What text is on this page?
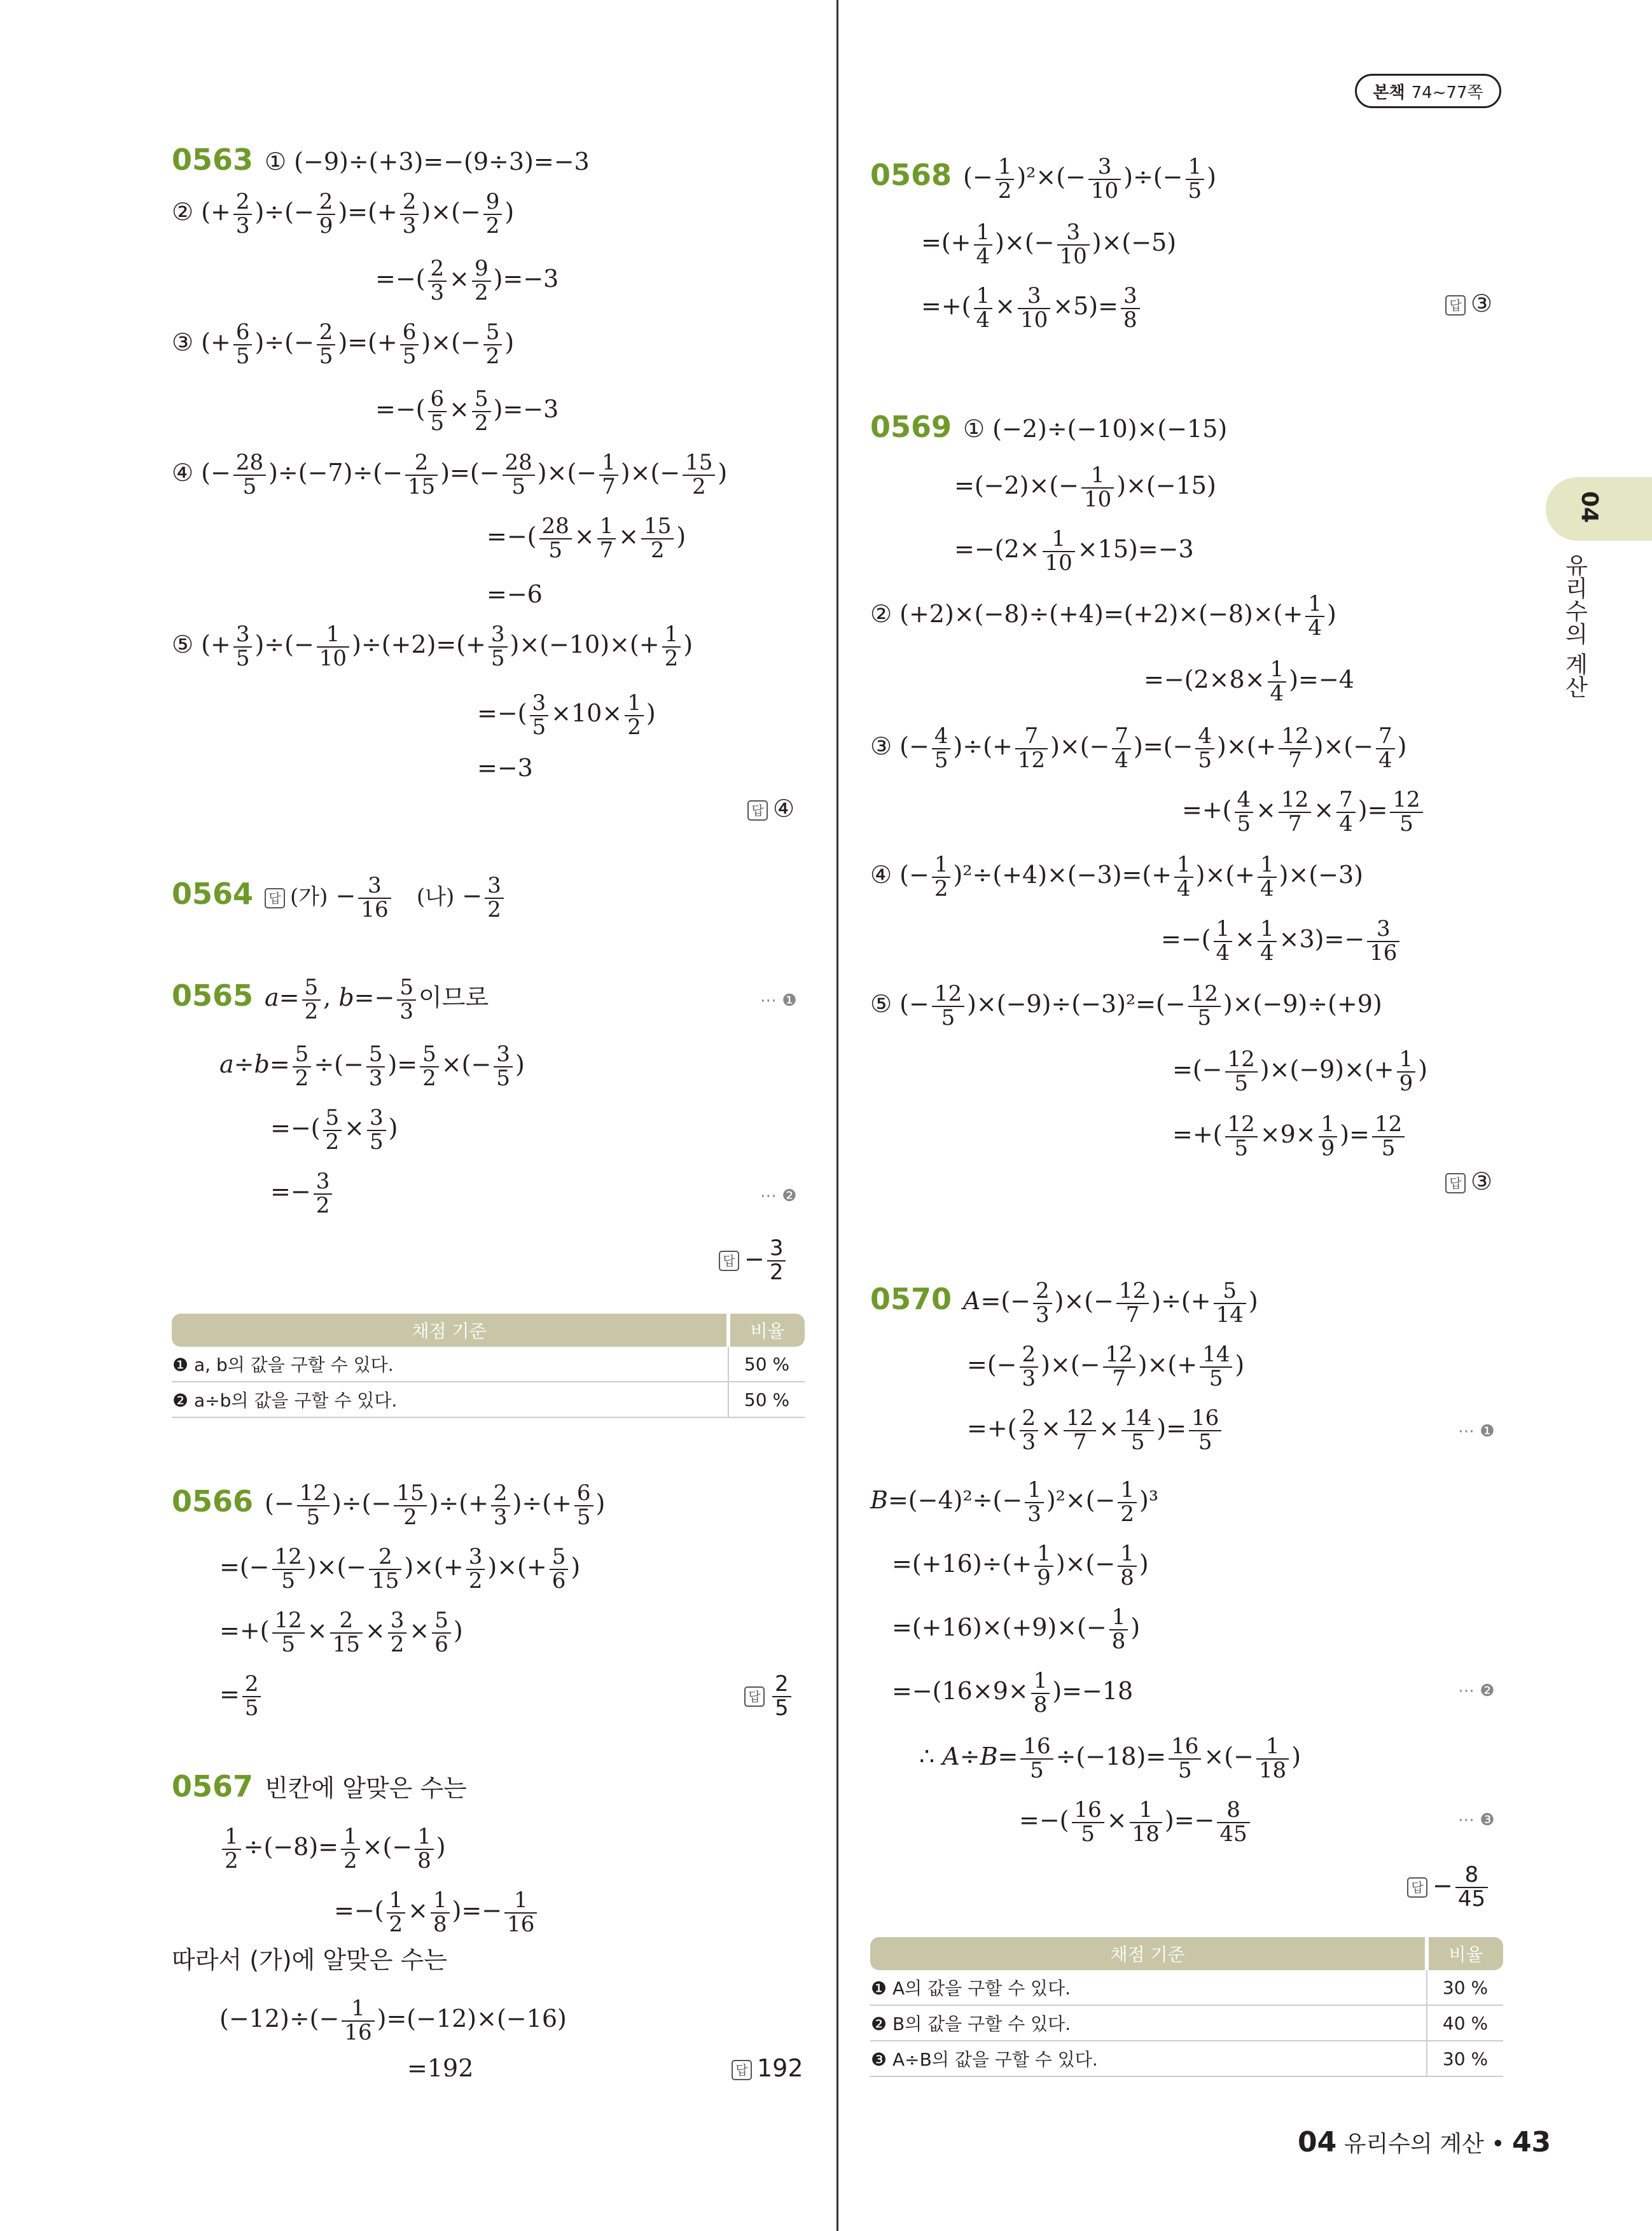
본책 74~77쪽
04
유리수의 계산
0563 ① (−9)÷(+3)=−(9÷3)=−3
② (+ $\frac{2}{3}$ )÷(− $\frac{2}{9}$ )=(+ $\frac{2}{3}$ )×(− $\frac{9}{2}$ )
=−( $\frac{2}{3} \times \frac{9}{2} )=-3$
③ (+ $\frac{6}{5}$ )÷(− $\frac{2}{5}$ )=(+ $\frac{6}{5}$ )×(− $\frac{5}{2}$ )
=−( $\frac{6}{5} \times \frac{5}{2} )=-3$
④ (− $\frac{28}{5} )\div(-7)\div(- \frac{2}{15}$ )=(− $\frac{28}{5}$ )×(− $\frac{1}{7}$ )×(− $\frac{15}{2}$ )
=−( $\frac{28}{5} \times \frac{1}{7} \times \frac{15}{2}$ )
=−6
⑤ (+ $\frac{3}{5}$ )÷(− $\frac{1}{10} )\div(+2)=(+ \frac{3}{5} )\times(-10)\times(+ \frac{1}{2}$ )
=−( $\frac{3}{5} \times 10\times \frac{1}{2}$ )
=−3
답 ④
0564 답 (가) − $\frac{3}{16}$ (나) − $\frac{3}{2}$
0565 $a= \frac{5}{2}$ , $b=- \frac{5}{3}$ 이므로	⋯ ❶
$a\div b= \frac{5}{2}$ ÷(− $\frac{5}{3}$ )= $\frac{5}{2}$ ×(− $\frac{3}{5}$ )
=−( $\frac{5}{2} \times \frac{3}{5}$ )
=− $\frac{3}{2}$	⋯ ❷
답 − $\frac{3}{2}$
채점 기준	비율
❶ a, b의 값을 구할 수 있다.	50 %
❷ a÷b의 값을 구할 수 있다.	50 %
0566 (− $\frac{12}{5}$ )÷(− $\frac{15}{2}$ )÷(+ $\frac{2}{3}$ )÷(+ $\frac{6}{5}$ )
=(− $\frac{12}{5}$ )×(− $\frac{2}{15}$ )×(+ $\frac{3}{2}$ )×(+ $\frac{5}{6}$ )
=+( $\frac{12}{5} \times \frac{2}{15} \times \frac{3}{2} \times \frac{5}{6}$ )
= $\frac{2}{5}$	답 $\frac{2}{5}$
0567 빈칸에 알맞은 수는
$\frac{1}{2} \div(-8)= \frac{1}{2}$ ×(− $\frac{1}{8}$ )
=−( $\frac{1}{2} \times \frac{1}{8}$ )=− $\frac{1}{16}$
따라서 (가)에 알맞은 수는
$(-12)\div(- \frac{1}{16} )=(-12)\times(-16)$
=192	답 192
0568 (− $\frac{1}{2} )^2\times(- \frac{3}{10}$ )÷(− $\frac{1}{5}$ )
=(+ $\frac{1}{4}$ )×(− $\frac{3}{10} )\times(-5)$
=+( $\frac{1}{4} \times \frac{3}{10} \times 5)= \frac{3}{8}$	답 ③
0569 ① (−2)÷(−10)×(−15)
$=(-2)\times(- \frac{1}{10} )\times(-15)$
$=-(2\times \frac{1}{10} \times 15)=-3$
② $(+2)\times(-8)\div(+4)=(+2)\times(-8)\times(+ \frac{1}{4}$ )
$=-(2\times 8\times \frac{1}{4} )=-4$
③ (− $\frac{4}{5}$ )÷(+ $\frac{7}{12}$ )×(− $\frac{7}{4}$ )=(− $\frac{4}{5}$ )×(+ $\frac{12}{7}$ )×(− $\frac{7}{4}$ )
=+( $\frac{4}{5} \times \frac{12}{7} \times \frac{7}{4}$ )= $\frac{12}{5}$
④ (− $\frac{1}{2} )^2\div(+4)\times(-3)=(+ \frac{1}{4}$ )×(+ $\frac{1}{4} )\times(-3)$
=−( $\frac{1}{4} \times \frac{1}{4} \times 3)=- \frac{3}{16}$
⑤ (− $\frac{12}{5} )\times(-9)\div(-3)^2=(- \frac{12}{5} )\times(-9)\div(+9)$
=(− $\frac{12}{5} )\times(-9)\times(+ \frac{1}{9}$ )
=+( $\frac{12}{5} \times 9\times \frac{1}{9}$ )= $\frac{12}{5}$
답 ③
0570 $A=(- \frac{2}{3}$ )×(− $\frac{12}{7}$ )÷(+ $\frac{5}{14}$ )
=(− $\frac{2}{3}$ )×(− $\frac{12}{7}$ )×(+ $\frac{14}{5}$ )
=+( $\frac{2}{3} \times \frac{12}{7} \times \frac{14}{5}$ )= $\frac{16}{5}$	⋯ ❶
$B=(-4)^2\div(- \frac{1}{3} )^2\times(- \frac{1}{2} )^3$
$=(+16)\div(+ \frac{1}{9}$ )×(− $\frac{1}{8}$ )
$=(+16)\times(+9)\times(- \frac{1}{8}$ )
$=-(16\times 9\times \frac{1}{8} )=-18$	⋯ ❷
∴ $A\div B= \frac{16}{5} \div(-18)= \frac{16}{5}$ ×(− $\frac{1}{18}$ )
=−( $\frac{16}{5} \times \frac{1}{18}$ )=− $\frac{8}{45}$	⋯ ❸
답 − $\frac{8}{45}$
채점 기준	비율
❶ A의 값을 구할 수 있다.	30 %
❷ B의 값을 구할 수 있다.	40 %
❸ A÷B의 값을 구할 수 있다.	30 %
04 유리수의 계산 • 43
